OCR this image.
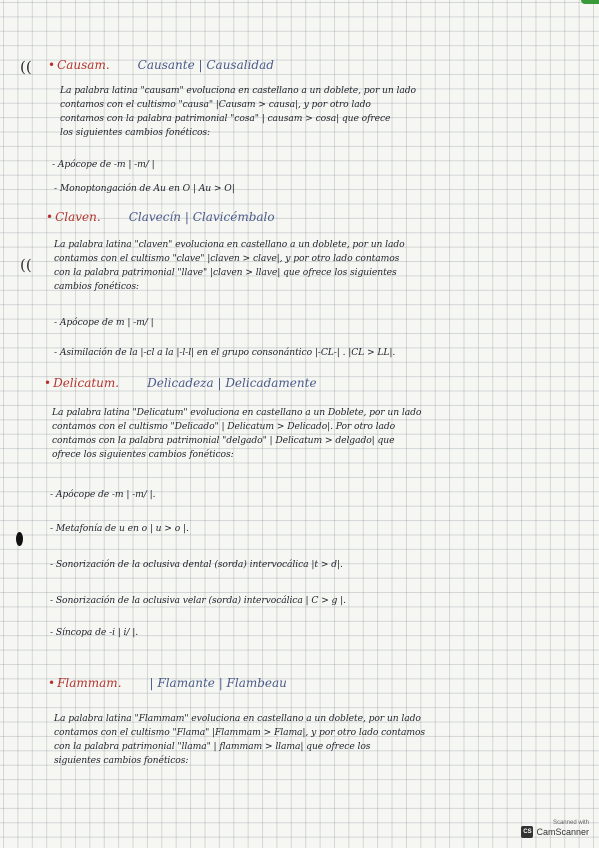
((
((
• Causam. Causante | Causalidad
La palabra latina "causam" evoluciona en castellano a un doblete, por un lado
contamos con el cultismo "causa" |Causam > causa|, y por otro lado
contamos con la palabra patrimonial "cosa" | causam > cosa| que ofrece
los siguientes cambios fonéticos:
- Apócope de -m | -m/ |
- Monoptongación de Au en O | Au > O|
• Claven. Clavecín | Clavicémbalo
La palabra latina "claven" evoluciona en castellano a un doblete, por un lado
contamos con el cultismo "clave" |claven > clave|, y por otro lado contamos
con la palabra patrimonial "llave" |claven > llave| que ofrece los siguientes
cambios fonéticos:
- Apócope de m | -m/ |
- Asimilación de la |-cl a la |-l-l| en el grupo consonántico |-CL-| . |CL > LL|.
• Delicatum. Delicadeza | Delicadamente
La palabra latina "Delicatum" evoluciona en castellano a un Doblete, por un lado
contamos con el cultismo "Delicado" | Delicatum > Delicado|. Por otro lado
contamos con la palabra patrimonial "delgado" | Delicatum > delgado| que
ofrece los siguientes cambios fonéticos:
- Apócope de -m | -m/ |.
- Metafonía de u en o | u > o |.
- Sonorización de la oclusiva dental (sorda) intervocálica |t > d|.
- Sonorización de la oclusiva velar (sorda) intervocálica | C > g |.
- Síncopa de -i | i/ |.
• Flammam. | Flamante | Flambeau
La palabra latina "Flammam" evoluciona en castellano a un doblete, por un lado
contamos con el cultismo "Flama" |Flammam > Flama|, y por otro lado contamos
con la palabra patrimonial "llama" | flammam > llama| que ofrece los
siguientes cambios fonéticos:
Scanned with
CS CamScanner
